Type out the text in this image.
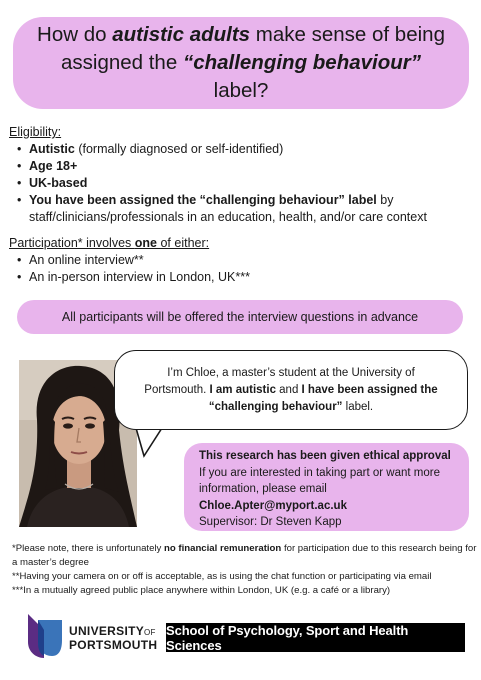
How do autistic adults make sense of being assigned the “challenging behaviour” label?
Eligibility:
• Autistic (formally diagnosed or self-identified)
• Age 18+
• UK-based
• You have been assigned the “challenging behaviour” label by staff/clinicians/professionals in an education, health, and/or care context
Participation* involves one of either:
• An online interview**
• An in-person interview in London, UK***
All participants will be offered the interview questions in advance
I’m Chloe, a master’s student at the University of Portsmouth. I am autistic and I have been assigned the “challenging behaviour” label.
This research has been given ethical approval
If you are interested in taking part or want more information, please email
Chloe.Apter@myport.ac.uk
Supervisor: Dr Steven Kapp
*Please note, there is unfortunately no financial remuneration for participation due to this research being for a master’s degree
**Having your camera on or off is acceptable, as is using the chat function or participating via email
***In a mutually agreed public place anywhere within London, UK (e.g. a café or a library)
UNIVERSITYOF
PORTSMOUTH
School of Psychology, Sport and Health Sciences
